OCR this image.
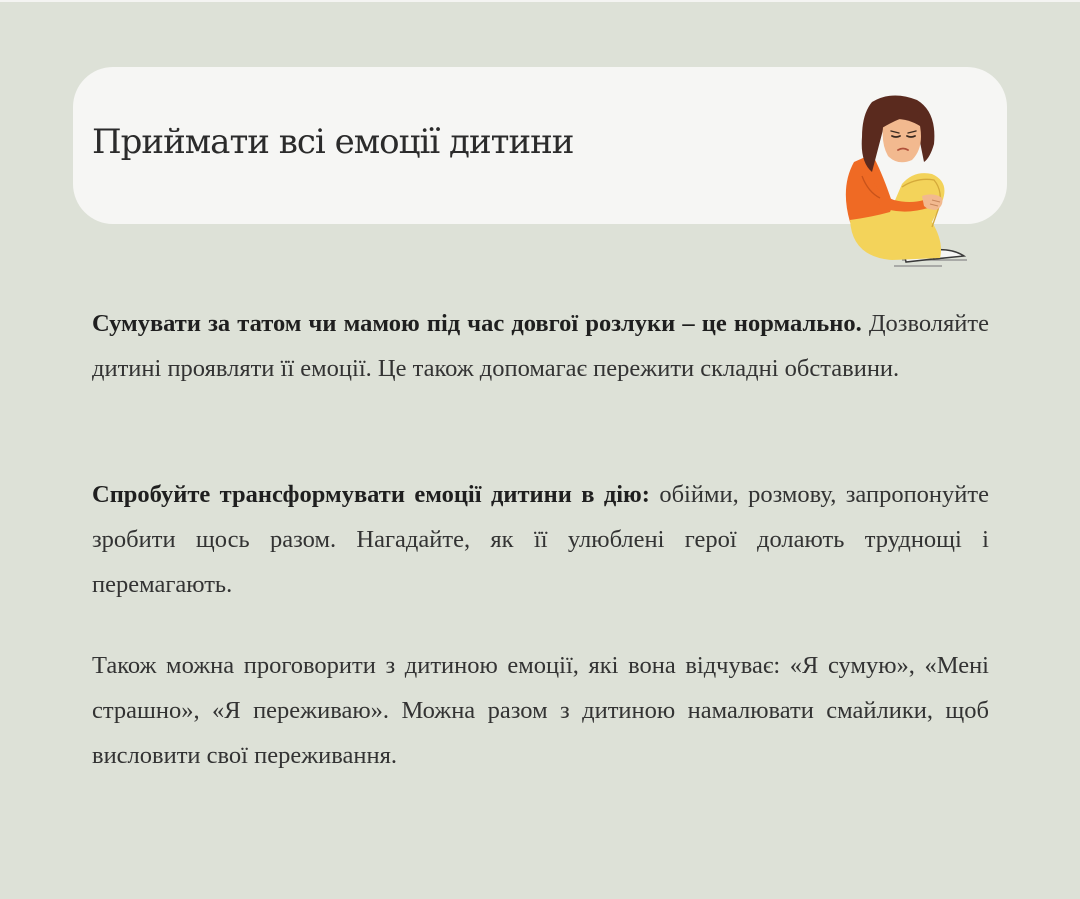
Приймати всі емоції дитини

Сумувати за татом чи мамою під час довгої розлуки – це нормально. Дозволяйте дитині проявляти її емоції. Це також допомагає пережити складні обставини.

Спробуйте трансформувати емоції дитини в дію: обійми, розмову, запропонуйте зробити щось разом. Нагадайте, як її улюблені герої долають труднощі і перемагають.

Також можна проговорити з дитиною емоції, які вона відчуває: «Я сумую», «Мені страшно», «Я переживаю». Можна разом з дитиною намалювати смайлики, щоб висловити свої переживання.
